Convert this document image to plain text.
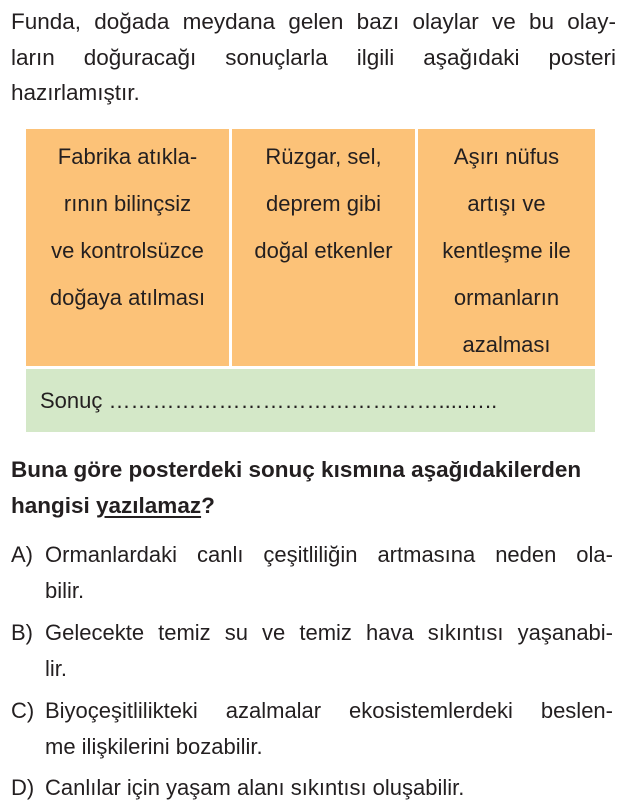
Funda, doğada meydana gelen bazı olaylar ve bu olay-
ların doğuracağı sonuçlarla ilgili aşağıdaki posteri
hazırlamıştır.
Fabrika atıkla-
rının bilinçsiz
ve kontrolsüzce
doğaya atılması
Rüzgar, sel,
deprem gibi
doğal etkenler
Aşırı nüfus
artışı ve
kentleşme ile
ormanların
azalması
Sonuç ………………………………………....…..
Buna göre posterdeki sonuç kısmına aşağıdakilerden
hangisi yazılamaz?
A) Ormanlardaki canlı çeşitliliğin artmasına neden ola-
bilir.
B) Gelecekte temiz su ve temiz hava sıkıntısı yaşanabi-
lir.
C) Biyoçeşitlilikteki azalmalar ekosistemlerdeki beslen-
me ilişkilerini bozabilir.
D) Canlılar için yaşam alanı sıkıntısı oluşabilir.
